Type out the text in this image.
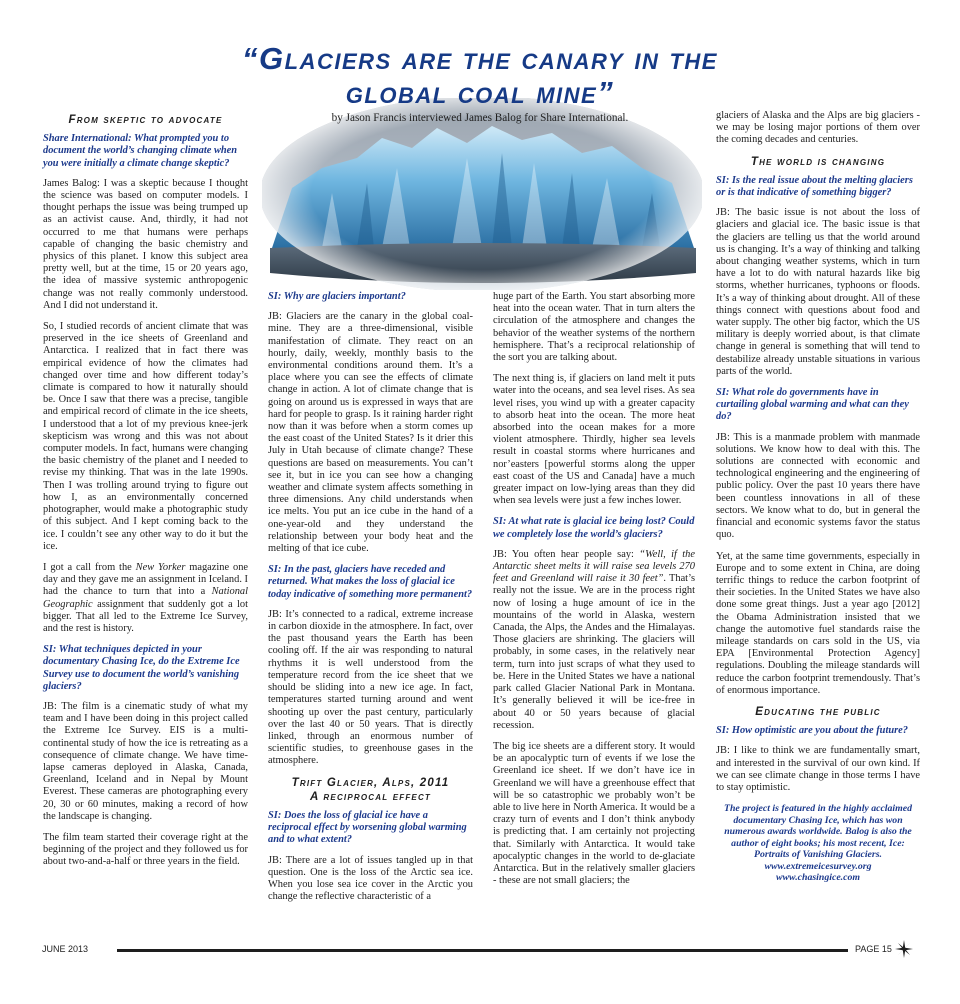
“Glaciers are the canary in the
global coal mine”
by Jason Francis interviewed James Balog for Share International.
From skeptic to advocate

Share International: What prompted you to document the world’s changing climate when you were initially a climate change skeptic?

James Balog: I was a skeptic because I thought the science was based on computer models. I thought perhaps the issue was being trumped up as an activist cause. And, thirdly, it had not occurred to me that humans were perhaps capable of changing the basic chemistry and physics of this planet. I know this subject area pretty well, but at the time, 15 or 20 years ago, the idea of massive systemic anthropogenic change was not really commonly understood. And I did not understand it.

So, I studied records of ancient climate that was preserved in the ice sheets of Greenland and Antarctica. I realized that in fact there was empirical evidence of how the climates had changed over time and how different today’s climate is compared to how it naturally should be. Once I saw that there was a precise, tangible and empirical record of climate in the ice sheets, I understood that a lot of my previous knee-jerk skepticism was wrong and this was not about computer models. In fact, humans were changing the basic chemistry of the planet and I needed to revise my thinking. That was in the late 1990s. Then I was trolling around trying to figure out how I, as an environmentally concerned photographer, would make a photographic study of this subject. And I kept coming back to the ice. I couldn’t see any other way to do it but the ice.

I got a call from the New Yorker magazine one day and they gave me an assignment in Iceland. I had the chance to turn that into a National Geographic assignment that suddenly got a lot bigger. That all led to the Extreme Ice Survey, and the rest is history.

SI: What techniques depicted in your documentary Chasing Ice, do the Extreme Ice Survey use to document the world’s vanishing glaciers?

JB: The film is a cinematic study of what my team and I have been doing in this project called the Extreme Ice Survey. EIS is a multi-continental study of how the ice is retreating as a consequence of climate change. We have time-lapse cameras deployed in Alaska, Canada, Greenland, Iceland and in Nepal by Mount Everest. These cameras are photographing every 20, 30 or 60 minutes, making a record of how the landscape is changing.

The film team started their coverage right at the beginning of the project and they followed us for about two-and-a-half or three years in the field.

SI: Why are glaciers important?

JB: Glaciers are the canary in the global coal-mine. They are a three-dimensional, visible manifestation of climate. They react on an hourly, daily, weekly, monthly basis to the environmental conditions around them. It’s a place where you can see the effects of climate change in action. A lot of climate change that is going on around us is expressed in ways that are hard for people to grasp. Is it raining harder right now than it was before when a storm comes up the east coast of the United States? Is it drier this July in Utah because of climate change? These questions are based on measurements. You can’t see it, but in ice you can see how a changing weather and climate system affects something in three dimensions. Any child understands when ice melts. You put an ice cube in the hand of a one-year-old and they understand the relationship between your body heat and the melting of that ice cube.

SI: In the past, glaciers have receded and returned. What makes the loss of glacial ice today indicative of something more permanent?

JB: It’s connected to a radical, extreme increase in carbon dioxide in the atmosphere. In fact, over the past thousand years the Earth has been cooling off. If the air was responding to natural rhythms it is well understood from the temperature record from the ice sheet that we should be sliding into a new ice age. In fact, temperatures started turning around and went shooting up over the past century, particularly over the last 40 or 50 years. That is directly linked, through an enormous number of scientific studies, to greenhouse gases in the atmosphere.

Trift Glacier, Alps, 2011
A reciprocal effect

SI: Does the loss of glacial ice have a reciprocal effect by worsening global warming and to what extent?

JB: There are a lot of issues tangled up in that question. One is the loss of the Arctic sea ice. When you lose sea ice cover in the Arctic you change the reflective characteristic of a

huge part of the Earth. You start absorbing more heat into the ocean water. That in turn alters the circulation of the atmosphere and changes the behavior of the weather systems of the northern hemisphere. That’s a reciprocal relationship of the sort you are talking about.

The next thing is, if glaciers on land melt it puts water into the oceans, and sea level rises. As sea level rises, you wind up with a greater capacity to absorb heat into the ocean. The more heat absorbed into the ocean makes for a more violent atmosphere. Thirdly, higher sea levels result in coastal storms where hurricanes and nor’easters [powerful storms along the upper east coast of the US and Canada] have a much greater impact on low-lying areas than they did when sea levels were just a few inches lower.

SI: At what rate is glacial ice being lost? Could we completely lose the world’s glaciers?

JB: You often hear people say: “Well, if the Antarctic sheet melts it will raise sea levels 270 feet and Greenland will raise it 30 feet”. That’s really not the issue. We are in the process right now of losing a huge amount of ice in the mountains of the world in Alaska, western Canada, the Alps, the Andes and the Himalayas. Those glaciers are shrinking. The glaciers will probably, in some cases, in the relatively near term, turn into just scraps of what they used to be. Here in the United States we have a national park called Glacier National Park in Montana. It’s generally believed it will be ice-free in about 40 or 50 years because of glacial recession.

The big ice sheets are a different story. It would be an apocalyptic turn of events if we lose the Greenland ice sheet. If we don’t have ice in Greenland we will have a greenhouse effect that will be so catastrophic we probably won’t be able to live here in North America. It would be a crazy turn of events and I don’t think anybody is predicting that. I am certainly not projecting that. Similarly with Antarctica. It would take apocalyptic changes in the world to de-glaciate Antarctica. But in the relatively smaller glaciers - these are not small glaciers; the

glaciers of Alaska and the Alps are big glaciers - we may be losing major portions of them over the coming decades and centuries.

The world is changing

SI: Is the real issue about the melting glaciers or is that indicative of something bigger?

JB: The basic issue is not about the loss of glaciers and glacial ice. The basic issue is that the glaciers are telling us that the world around us is changing. It’s a way of thinking and talking about changing weather systems, which in turn have a lot to do with natural hazards like big storms, whether hurricanes, typhoons or floods. It’s a way of thinking about drought. All of these things connect with questions about food and water supply. The other big factor, which the US military is deeply worried about, is that climate change in general is something that will tend to destabilize already unstable situations in various parts of the world.

SI: What role do governments have in curtailing global warming and what can they do?

JB: This is a manmade problem with manmade solutions. We know how to deal with this. The solutions are connected with economic and technological engineering and the engineering of public policy. Over the past 10 years there have been countless innovations in all of these sectors. We know what to do, but in general the financial and economic systems favor the status quo.

Yet, at the same time governments, especially in Europe and to some extent in China, are doing terrific things to reduce the carbon footprint of their societies. In the United States we have also done some great things. Just a year ago [2012] the Obama Administration insisted that we change the automotive fuel standards raise the mileage standards on cars sold in the US, via EPA [Environmental Protection Agency] regulations. Doubling the mileage standards will reduce the carbon footprint tremendously. That’s of enormous importance.

Educating the public

SI: How optimistic are you about the future?

JB: I like to think we are fundamentally smart, and interested in the survival of our own kind. If we can see climate change in those terms I have to stay optimistic.

The project is featured in the highly acclaimed documentary Chasing Ice, which has won numerous awards worldwide. Balog is also the author of eight books; his most recent, Ice: Portraits of Vanishing Glaciers.
www.extremeicesurvey.org
www.chasingice.com
JUNE 2013	PAGE 15
